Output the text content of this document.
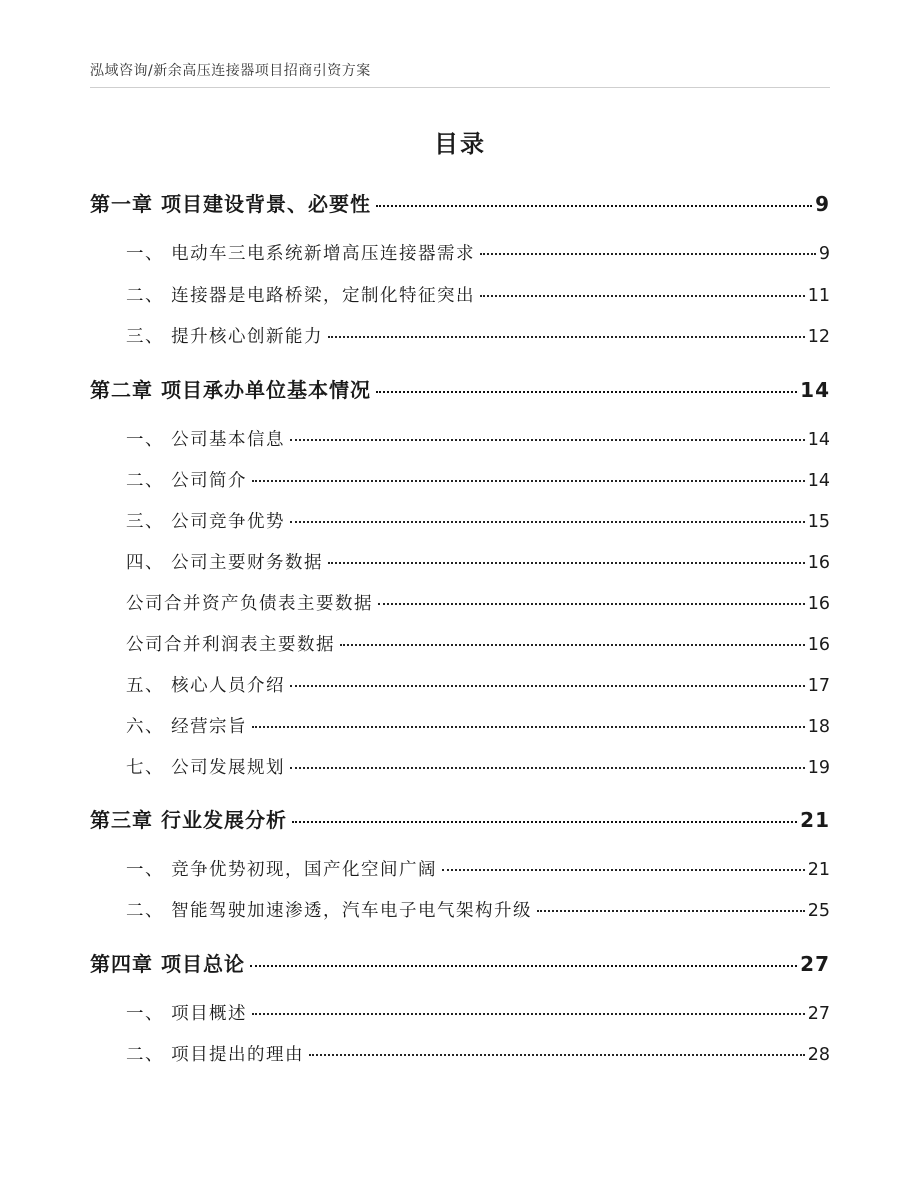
泓域咨询/新余高压连接器项目招商引资方案
目录
第一章 项目建设背景、必要性	9
一、 电动车三电系统新增高压连接器需求	9
二、 连接器是电路桥梁，定制化特征突出	11
三、 提升核心创新能力	12
第二章 项目承办单位基本情况	14
一、 公司基本信息	14
二、 公司简介	14
三、 公司竞争优势	15
四、 公司主要财务数据	16
公司合并资产负债表主要数据	16
公司合并利润表主要数据	16
五、 核心人员介绍	17
六、 经营宗旨	18
七、 公司发展规划	19
第三章 行业发展分析	21
一、 竞争优势初现，国产化空间广阔	21
二、 智能驾驶加速渗透，汽车电子电气架构升级	25
第四章 项目总论	27
一、 项目概述	27
二、 项目提出的理由	28
